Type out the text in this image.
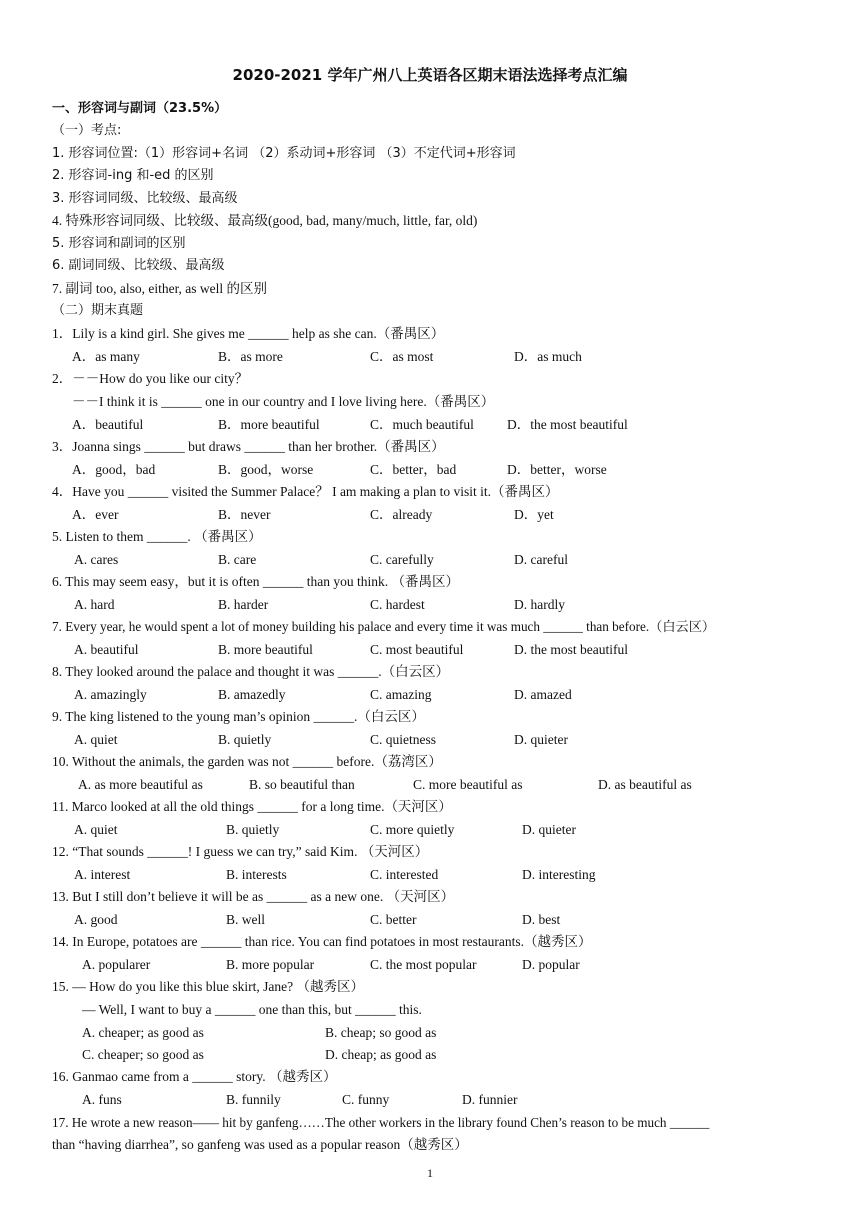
2020-2021 学年广州八上英语各区期末语法选择考点汇编
一、形容词与副词（23.5%）
（一）考点:
1. 形容词位置:（1）形容词+名词 （2）系动词+形容词 （3）不定代词+形容词
2. 形容词-ing 和-ed 的区别
3. 形容词同级、比较级、最高级
4. 特殊形容词同级、比较级、最高级(good, bad, many/much, little, far, old)
5. 形容词和副词的区别
6. 副词同级、比较级、最高级
7. 副词 too, also, either, as well 的区别
（二）期末真题
1．Lily is a kind girl. She gives me ______ help as she can.（番禺区）
A．as many	B．as more	C．as most	D．as much
2．－－How do you like our city？
－－I think it is ______ one in our country and I love living here.（番禺区）
A．beautiful	B．more beautiful	C．much beautiful D．the most beautiful
3．Joanna sings ______ but draws ______ than her brother.（番禺区）
A．good，bad	B．good，worse	C．better，bad	D．better，worse
4．Have you ______ visited the Summer Palace？ I am making a plan to visit it.（番禺区）
A．ever	B．never	C．already	D．yet
5. Listen to them ______. （番禺区）
A. cares	B. care	C. carefully	D. careful
6. This may seem easy，but it is often ______ than you think. （番禺区）
A. hard	B. harder	C. hardest	D. hardly
7. Every year, he would spent a lot of money building his palace and every time it was much ______ than before.（白云区）
A. beautiful	B. more beautiful	C. most beautiful	D. the most beautiful
8. They looked around the palace and thought it was ______.（白云区）
A. amazingly	B. amazedly	C. amazing	D. amazed
9. The king listened to the young man’s opinion ______.（白云区）
A. quiet	B. quietly	C. quietness	D. quieter
10. Without the animals, the garden was not ______ before.（荔湾区）
A. as more beautiful as	B. so beautiful than	C. more beautiful as	D. as beautiful as
11. Marco looked at all the old things ______ for a long time.（天河区）
A. quiet	B. quietly	C. more quietly	D. quieter
12. “That sounds ______! I guess we can try,” said Kim. （天河区）
A. interest	B. interests	C. interested	D. interesting
13. But I still don’t believe it will be as ______ as a new one. （天河区）
A. good	B. well	C. better	D. best
14. In Europe, potatoes are ______ than rice. You can find potatoes in most restaurants.（越秀区）
A. popularer	B. more popular	C. the most popular	D. popular
15. — How do you like this blue skirt, Jane? （越秀区）
— Well, I want to buy a ______ one than this, but ______ this.
A. cheaper; as good as	B. cheap; so good as
C. cheaper; so good as	D. cheap; as good as
16. Ganmao came from a ______ story. （越秀区）
A. funs	B. funnily	C. funny	D. funnier
17. He wrote a new reason—— hit by ganfeng……The other workers in the library found Chen’s reason to be much ______
than “having diarrhea”, so ganfeng was used as a popular reason（越秀区）
1
